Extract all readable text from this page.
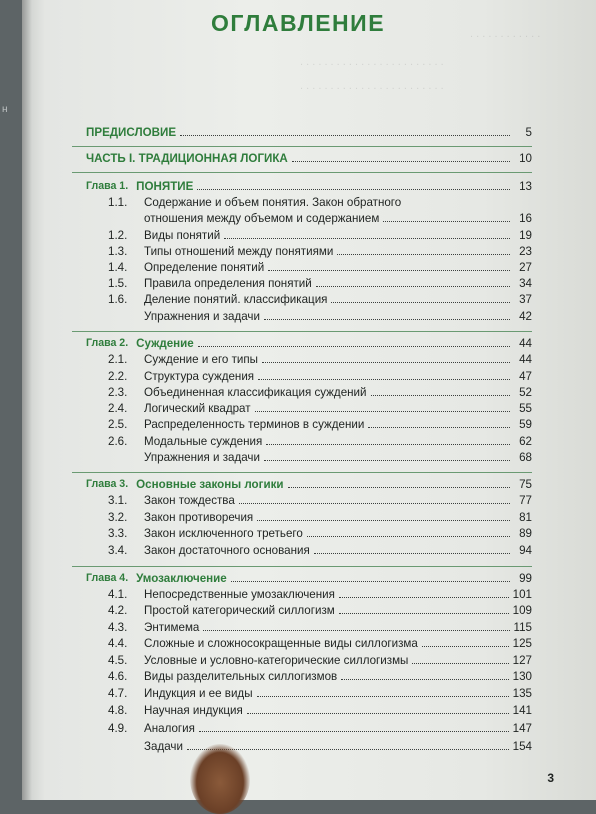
н
. . . . . . . . . . . .
. . . . . . . . . . . . . . . . . . . . . . . .
. . . . . . . . . . . . . . . . . . . . . . . .
ОГЛАВЛЕНИЕ
ПРЕДИСЛОВИЕ	5
ЧАСТЬ I. ТРАДИЦИОННАЯ ЛОГИКА	10
Глава 1. ПОНЯТИЕ	13
1.1.	Содержание и объем понятия. Закон обратного
отношения между объемом и содержанием	16
1.2.	Виды понятий	19
1.3.	Типы отношений между понятиями	23
1.4.	Определение понятий	27
1.5.	Правила определения понятий	34
1.6.	Деление понятий. классификация	37
Упражнения и задачи	42
Глава 2. Суждение	44
2.1.	Суждение и его типы	44
2.2.	Структура суждения	47
2.3.	Объединенная классификация суждений	52
2.4.	Логический квадрат	55
2.5.	Распределенность терминов в суждении	59
2.6.	Модальные суждения	62
Упражнения и задачи	68
Глава 3. Основные законы логики	75
3.1.	Закон тождества	77
3.2.	Закон противоречия	81
3.3.	Закон исключенного третьего	89
3.4.	Закон достаточного основания	94
Глава 4. Умозаключение	99
4.1.	Непосредственные умозаключения	101
4.2.	Простой категорический силлогизм	109
4.3.	Энтимема	115
4.4.	Сложные и сложносокращенные виды силлогизма	125
4.5.	Условные и условно-категорические силлогизмы	127
4.6.	Виды разделительных силлогизмов	130
4.7.	Индукция и ее виды	135
4.8.	Научная индукция	141
4.9.	Аналогия	147
Задачи	154
3
